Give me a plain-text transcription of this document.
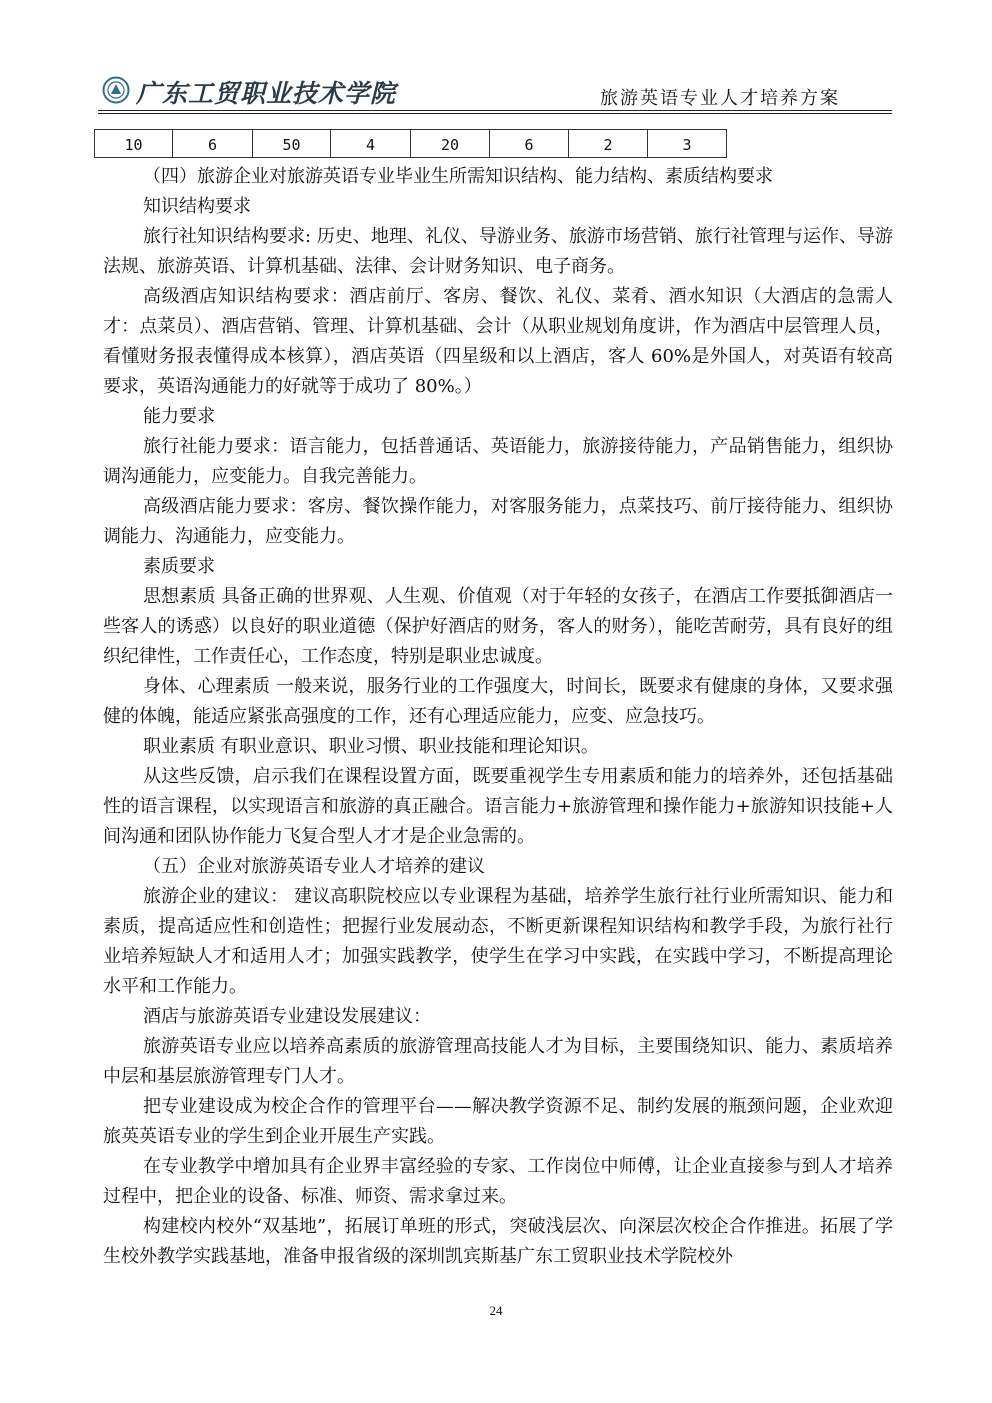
广东工贸职业技术学院	旅游英语专业人才培养方案
10	6	50	4	20	6	2	3

（四）旅游企业对旅游英语专业毕业生所需知识结构、能力结构、素质结构要求

知识结构要求

旅行社知识结构要求: 历史、地理、礼仪、导游业务、旅游市场营销、旅行社管理与运作、导游法规、旅游英语、计算机基础、法律、会计财务知识、电子商务。

高级酒店知识结构要求：酒店前厅、客房、餐饮、礼仪、菜肴、酒水知识（大酒店的急需人才：点菜员）、酒店营销、管理、计算机基础、会计（从职业规划角度讲，作为酒店中层管理人员，看懂财务报表懂得成本核算），酒店英语（四星级和以上酒店，客人 60%是外国人，对英语有较高要求，英语沟通能力的好就等于成功了 80%。）

能力要求

旅行社能力要求：语言能力，包括普通话、英语能力，旅游接待能力，产品销售能力，组织协调沟通能力，应变能力。自我完善能力。

高级酒店能力要求：客房、餐饮操作能力，对客服务能力，点菜技巧、前厅接待能力、组织协调能力、沟通能力，应变能力。

素质要求

思想素质 具备正确的世界观、人生观、价值观（对于年轻的女孩子，在酒店工作要抵御酒店一些客人的诱惑）以良好的职业道德（保护好酒店的财务，客人的财务），能吃苦耐劳，具有良好的组织纪律性，工作责任心，工作态度，特别是职业忠诚度。

身体、心理素质 一般来说，服务行业的工作强度大，时间长，既要求有健康的身体，又要求强健的体魄，能适应紧张高强度的工作，还有心理适应能力，应变、应急技巧。

职业素质 有职业意识、职业习惯、职业技能和理论知识。

从这些反馈，启示我们在课程设置方面，既要重视学生专用素质和能力的培养外，还包括基础性的语言课程，以实现语言和旅游的真正融合。语言能力+旅游管理和操作能力+旅游知识技能+人间沟通和团队协作能力飞复合型人才才是企业急需的。

（五）企业对旅游英语专业人才培养的建议

旅游企业的建议： 建议高职院校应以专业课程为基础，培养学生旅行社行业所需知识、能力和素质，提高适应性和创造性；把握行业发展动态，不断更新课程知识结构和教学手段，为旅行社行业培养短缺人才和适用人才；加强实践教学，使学生在学习中实践，在实践中学习，不断提高理论水平和工作能力。

酒店与旅游英语专业建设发展建议：

旅游英语专业应以培养高素质的旅游管理高技能人才为目标，主要围绕知识、能力、素质培养中层和基层旅游管理专门人才。

把专业建设成为校企合作的管理平台——解决教学资源不足、制约发展的瓶颈问题，企业欢迎旅英英语专业的学生到企业开展生产实践。

在专业教学中增加具有企业界丰富经验的专家、工作岗位中师傅，让企业直接参与到人才培养过程中，把企业的设备、标准、师资、需求拿过来。

构建校内校外“双基地”，拓展订单班的形式，突破浅层次、向深层次校企合作推进。拓展了学生校外教学实践基地，准备申报省级的深圳凯宾斯基广东工贸职业技术学院校外

24
